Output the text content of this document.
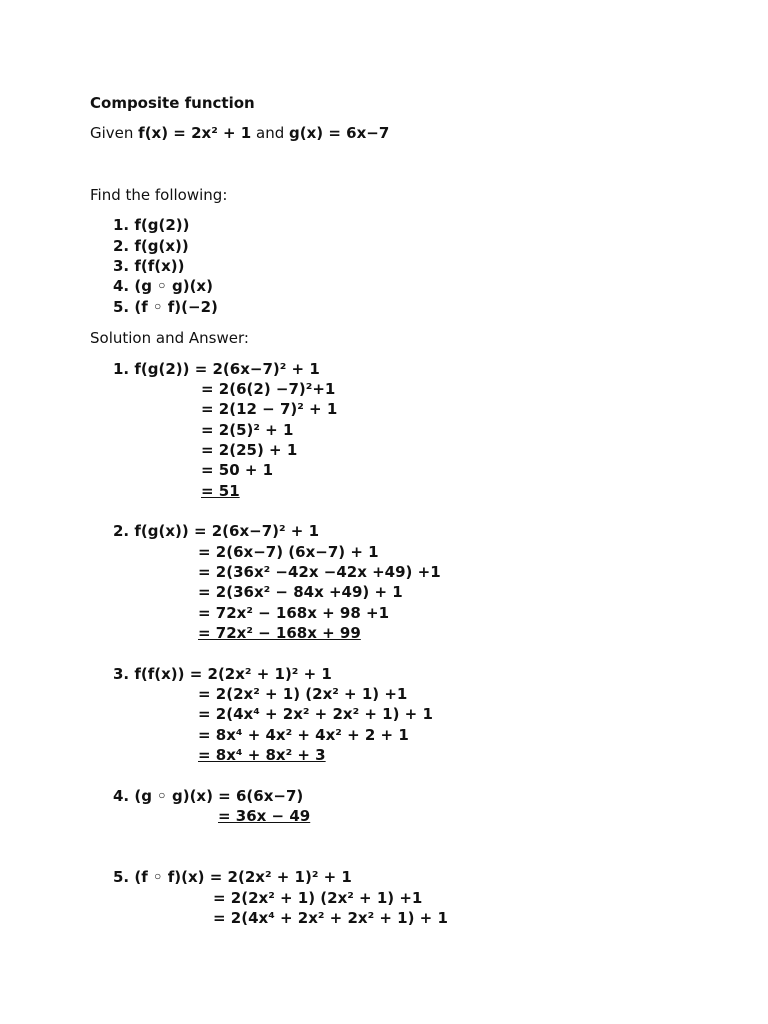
Composite function
Given f(x) = 2x² + 1 and g(x) = 6x−7
Find the following:
1. f(g(2))
2. f(g(x))
3. f(f(x))
4. (g ◦ g)(x)
5. (f ◦ f)(−2)
Solution and Answer:
1. f(g(2)) = 2(6x−7)² + 1
= 2(6(2) −7)²+1
= 2(12 − 7)² + 1
= 2(5)² + 1
= 2(25) + 1
= 50 + 1
= 51
2. f(g(x)) = 2(6x−7)² + 1
= 2(6x−7) (6x−7) + 1
= 2(36x² −42x −42x +49) +1
= 2(36x² − 84x +49) + 1
= 72x² − 168x + 98 +1
= 72x² − 168x + 99
3. f(f(x)) = 2(2x² + 1)² + 1
= 2(2x² + 1) (2x² + 1) +1
= 2(4x⁴ + 2x² + 2x² + 1) + 1
= 8x⁴ + 4x² + 4x² + 2 + 1
= 8x⁴ + 8x² + 3
4. (g ◦ g)(x) = 6(6x−7)
= 36x − 49
5. (f ◦ f)(x) = 2(2x² + 1)² + 1
= 2(2x² + 1) (2x² + 1) +1
= 2(4x⁴ + 2x² + 2x² + 1) + 1
